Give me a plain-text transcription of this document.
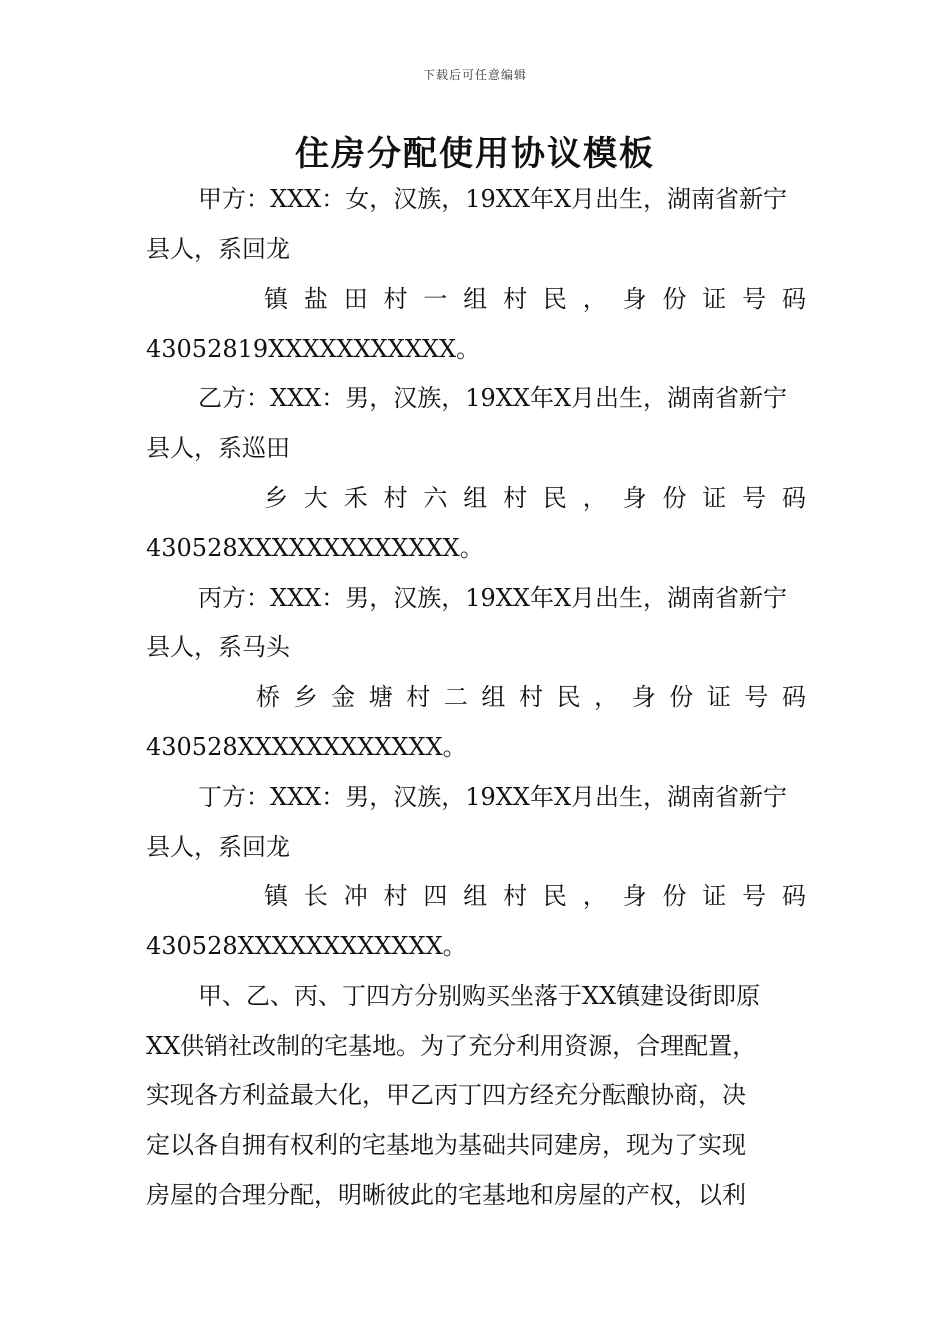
下载后可任意编辑
住房分配使用协议模板
甲方：XXX：女，汉族，19XX年X月出生，湖南省新宁
县人，系回龙
镇 盐 田 村 一 组 村 民 ， 身 份 证 号 码
43052819XXXXXXXXXXX。
乙方：XXX：男，汉族，19XX年X月出生，湖南省新宁
县人，系巡田
乡 大 禾 村 六 组 村 民 ， 身 份 证 号 码
430528XXXXXXXXXXXXX。
丙方：XXX：男，汉族，19XX年X月出生，湖南省新宁
县人，系马头
桥 乡 金 塘 村 二 组 村 民 ， 身 份 证 号 码
430528XXXXXXXXXXXX。
丁方：XXX：男，汉族，19XX年X月出生，湖南省新宁
县人，系回龙
镇 长 冲 村 四 组 村 民 ， 身 份 证 号 码
430528XXXXXXXXXXXX。
甲、乙、丙、丁四方分别购买坐落于XX镇建设街即原
XX供销社改制的宅基地。为了充分利用资源，合理配置，
实现各方利益最大化，甲乙丙丁四方经充分酝酿协商，决
定以各自拥有权利的宅基地为基础共同建房，现为了实现
房屋的合理分配，明晰彼此的宅基地和房屋的产权，以利
